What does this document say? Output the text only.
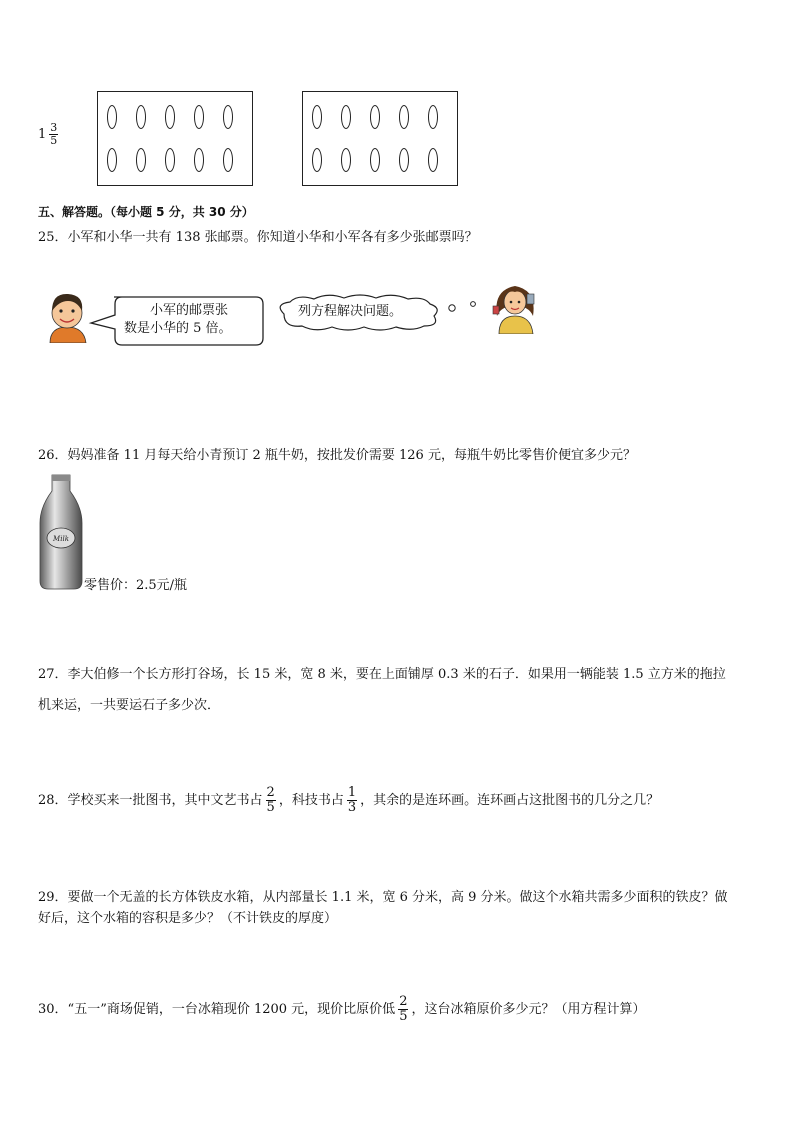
$1 \frac{3}{5}$
五、解答题。（每小题 5 分，共 30 分）
25．小军和小华一共有 138 张邮票。你知道小华和小军各有多少张邮票吗？
小军的邮票张
数是小华的 5 倍。
列方程解决问题。
26．妈妈准备 11 月每天给小青预订 2 瓶牛奶，按批发价需要 126 元，每瓶牛奶比零售价便宜多少元？
Milk
零售价：2.5元/瓶
27．李大伯修一个长方形打谷场，长 15 米，宽 8 米，要在上面铺厚 0.3 米的石子．如果用一辆能装 1.5 立方米的拖拉
机来运，一共要运石子多少次．
28．学校买来一批图书，其中文艺书占 $\frac{2}{5}$ ，科技书占 $\frac{1}{3}$ ，其余的是连环画。连环画占这批图书的几分之几？
29．要做一个无盖的长方体铁皮水箱，从内部量长 1.1 米，宽 6 分米，高 9 分米。做这个水箱共需多少面积的铁皮？做
好后，这个水箱的容积是多少？（不计铁皮的厚度）
30．“五一”商场促销，一台冰箱现价 1200 元，现价比原价低 $\frac{2}{5}$ ，这台冰箱原价多少元？（用方程计算）
